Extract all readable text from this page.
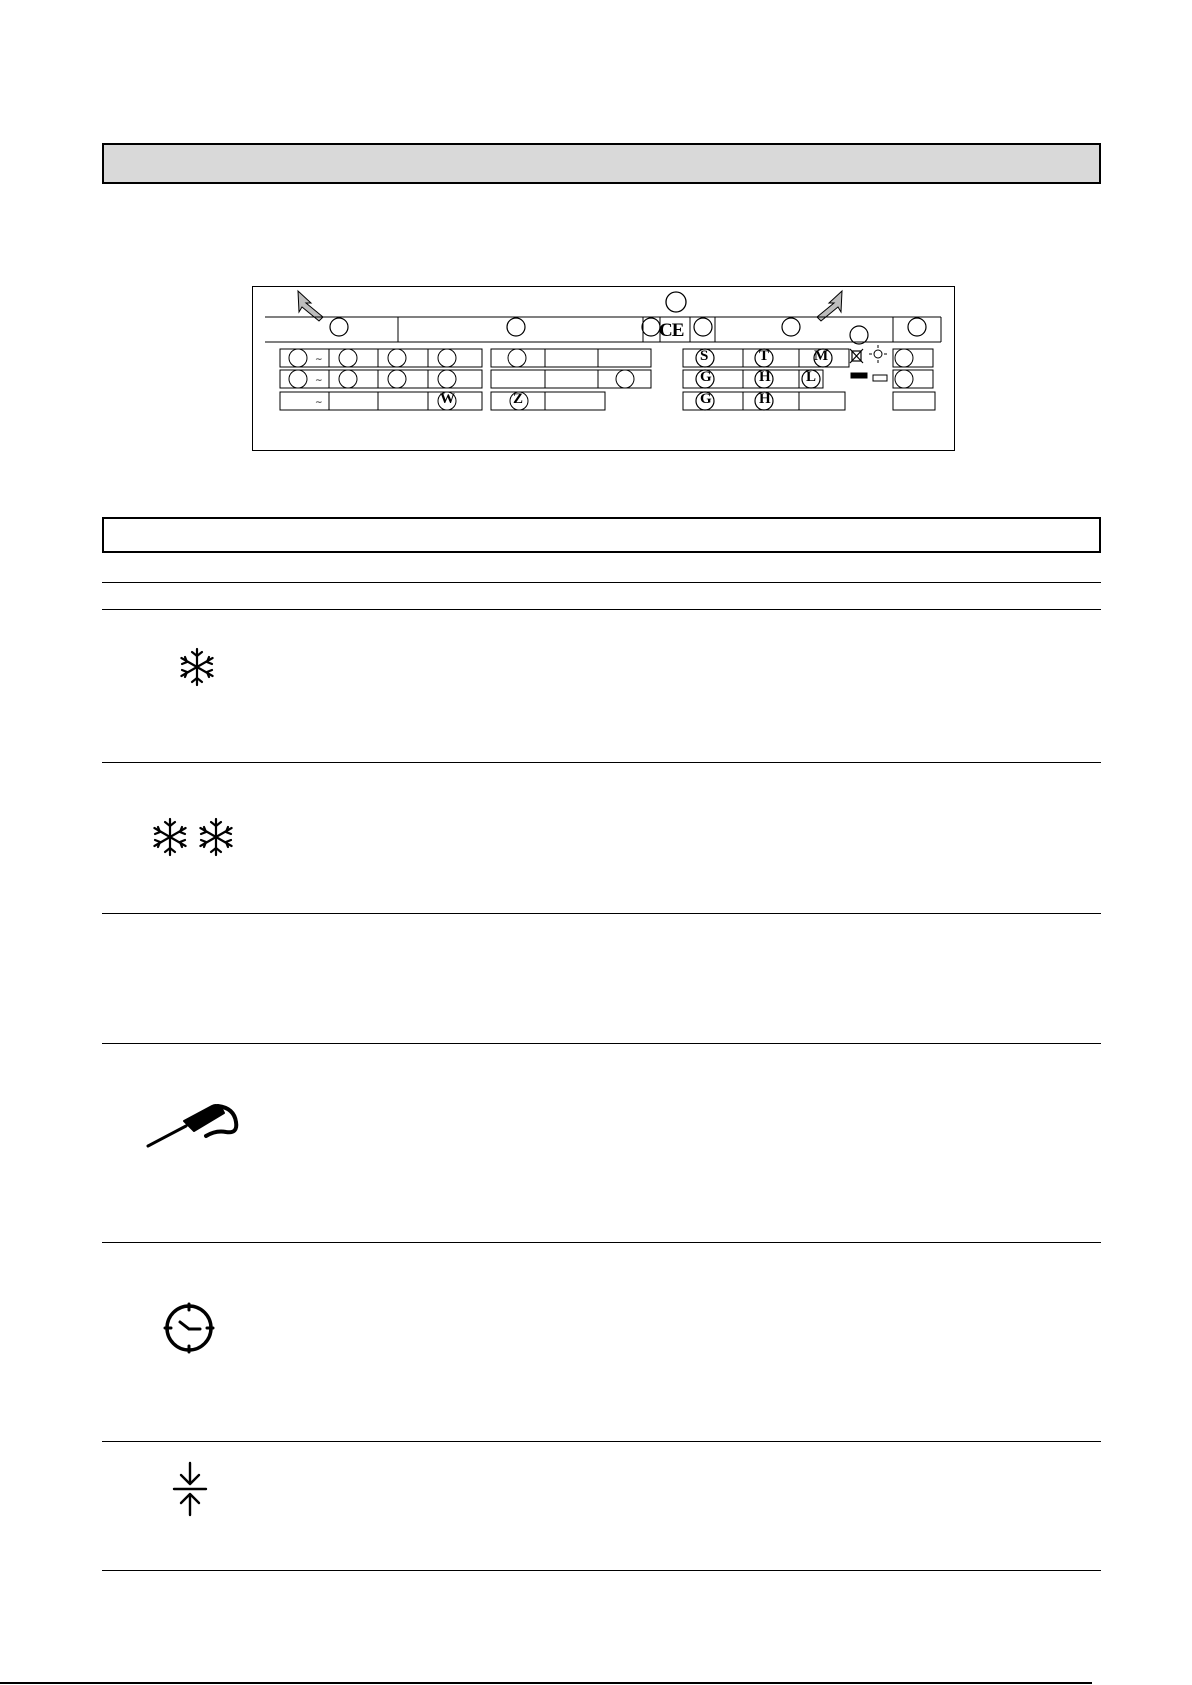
~
~
~
CE
S	T	M
G	H L
G	H
W	Z
